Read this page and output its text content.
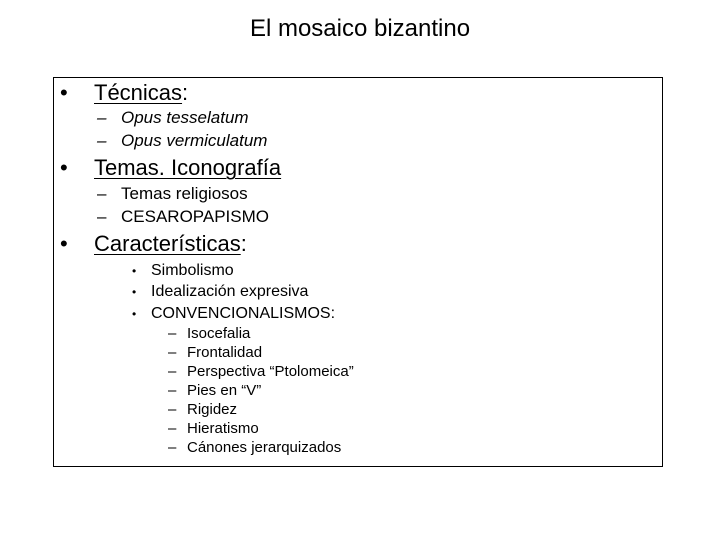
El mosaico bizantino
• Técnicas:
– Opus tesselatum
– Opus vermiculatum
• Temas. Iconografía
– Temas religiosos
– CESAROPAPISMO
• Características:
• Simbolismo
• Idealización expresiva
• CONVENCIONALISMOS:
– Isocefalia
– Frontalidad
– Perspectiva “Ptolomeica”
– Pies en “V”
– Rigidez
– Hieratismo
– Cánones jerarquizados
